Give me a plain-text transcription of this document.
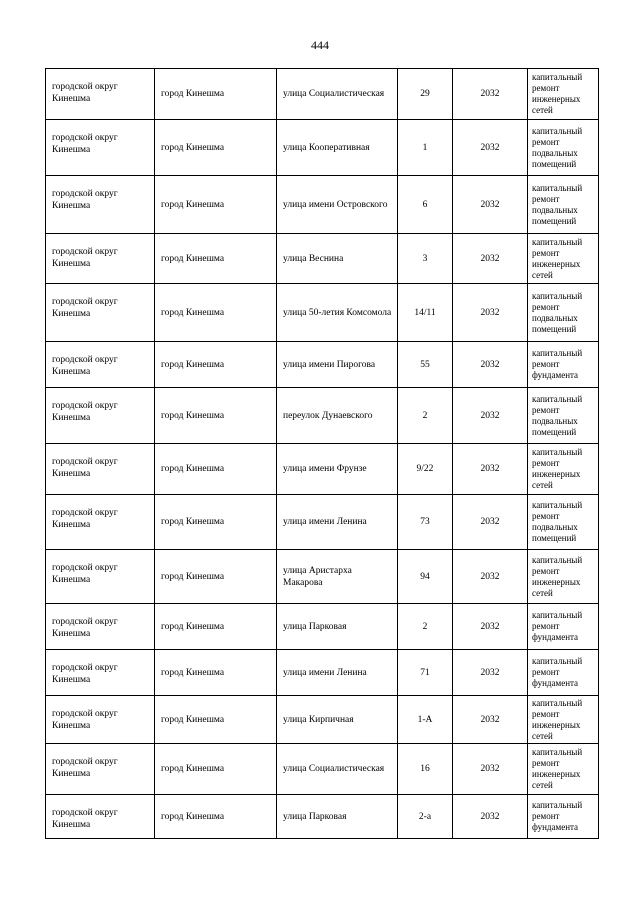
444
городской округ Кинешма	город Кинешма	улица Социалистическая	29	2032	капитальный ремонт инженерных сетей
городской округ Кинешма	город Кинешма	улица Кооперативная	1	2032	капитальный ремонт подвальных помещений
городской округ Кинешма	город Кинешма	улица имени Островского	6	2032	капитальный ремонт подвальных помещений
городской округ Кинешма	город Кинешма	улица Веснина	3	2032	капитальный ремонт инженерных сетей
городской округ Кинешма	город Кинешма	улица 50-летия Комсомола	14/11	2032	капитальный ремонт подвальных помещений
городской округ Кинешма	город Кинешма	улица имени Пирогова	55	2032	капитальный ремонт фундамента
городской округ Кинешма	город Кинешма	переулок Дунаевского	2	2032	капитальный ремонт подвальных помещений
городской округ Кинешма	город Кинешма	улица имени Фрунзе	9/22	2032	капитальный ремонт инженерных сетей
городской округ Кинешма	город Кинешма	улица имени Ленина	73	2032	капитальный ремонт подвальных помещений
городской округ Кинешма	город Кинешма	улица Аристарха Макарова	94	2032	капитальный ремонт инженерных сетей
городской округ Кинешма	город Кинешма	улица Парковая	2	2032	капитальный ремонт фундамента
городской округ Кинешма	город Кинешма	улица имени Ленина	71	2032	капитальный ремонт фундамента
городской округ Кинешма	город Кинешма	улица Кирпичная	1-А	2032	капитальный ремонт инженерных сетей
городской округ Кинешма	город Кинешма	улица Социалистическая	16	2032	капитальный ремонт инженерных сетей
городской округ Кинешма	город Кинешма	улица Парковая	2-а	2032	капитальный ремонт фундамента
